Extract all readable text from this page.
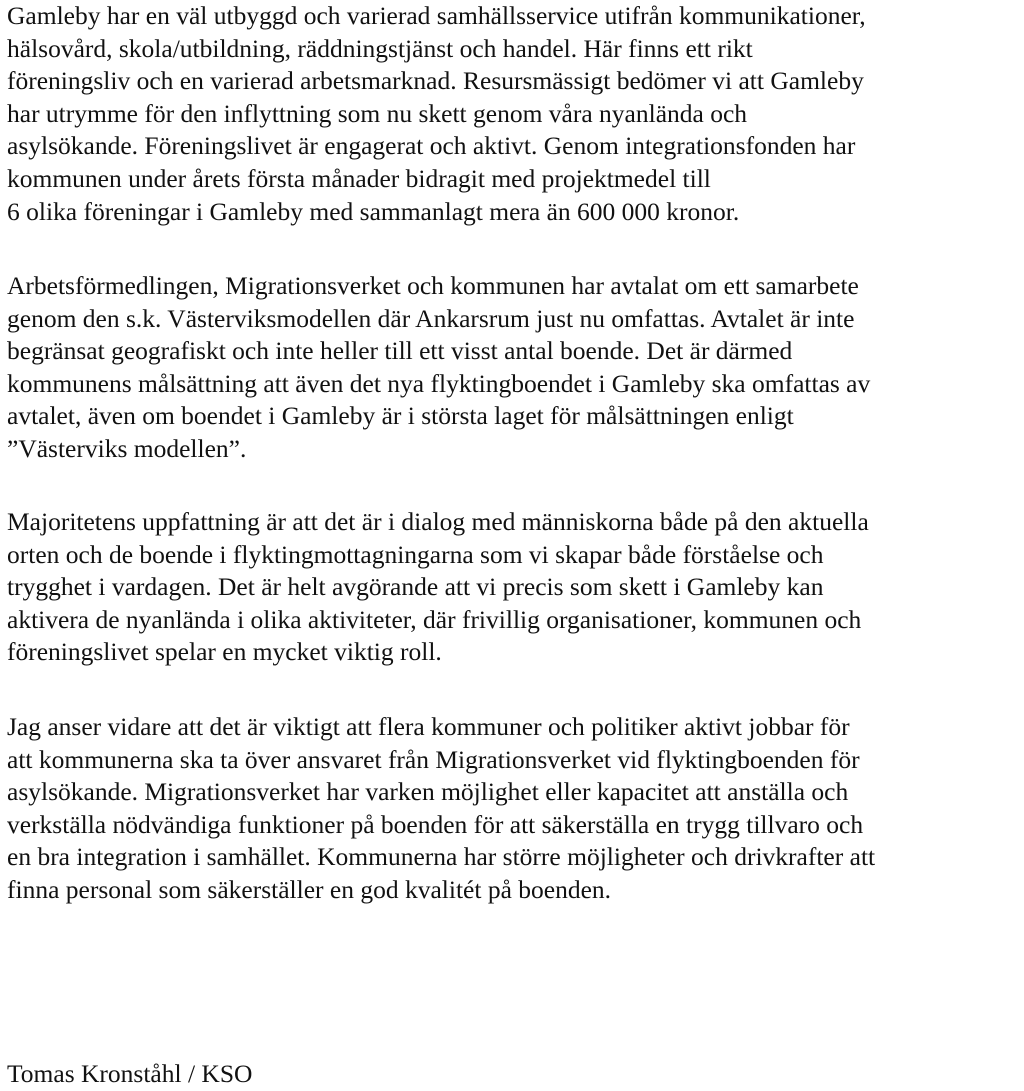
Gamleby har en väl utbyggd och varierad samhällsservice utifrån kommunikationer,
hälsovård, skola/utbildning, räddningstjänst och handel. Här finns ett rikt
föreningsliv och en varierad arbetsmarknad. Resursmässigt bedömer vi att Gamleby
har utrymme för den inflyttning som nu skett genom våra nyanlända och
asylsökande. Föreningslivet är engagerat och aktivt. Genom integrationsfonden har
kommunen under årets första månader bidragit med projektmedel till
6 olika föreningar i Gamleby med sammanlagt mera än 600 000 kronor.

Arbetsförmedlingen, Migrationsverket och kommunen har avtalat om ett samarbete
genom den s.k. Västerviksmodellen där Ankarsrum just nu omfattas. Avtalet är inte
begränsat geografiskt och inte heller till ett visst antal boende. Det är därmed
kommunens målsättning att även det nya flyktingboendet i Gamleby ska omfattas av
avtalet, även om boendet i Gamleby är i största laget för målsättningen enligt
”Västerviks modellen”.

Majoritetens uppfattning är att det är i dialog med människorna både på den aktuella
orten och de boende i flyktingmottagningarna som vi skapar både förståelse och
trygghet i vardagen. Det är helt avgörande att vi precis som skett i Gamleby kan
aktivera de nyanlända i olika aktiviteter, där frivillig organisationer, kommunen och
föreningslivet spelar en mycket viktig roll.

Jag anser vidare att det är viktigt att flera kommuner och politiker aktivt jobbar för
att kommunerna ska ta över ansvaret från Migrationsverket vid flyktingboenden för
asylsökande. Migrationsverket har varken möjlighet eller kapacitet att anställa och
verkställa nödvändiga funktioner på boenden för att säkerställa en trygg tillvaro och
en bra integration i samhället. Kommunerna har större möjligheter och drivkrafter att
finna personal som säkerställer en god kvalitét på boenden.

Tomas Kronståhl / KSO
